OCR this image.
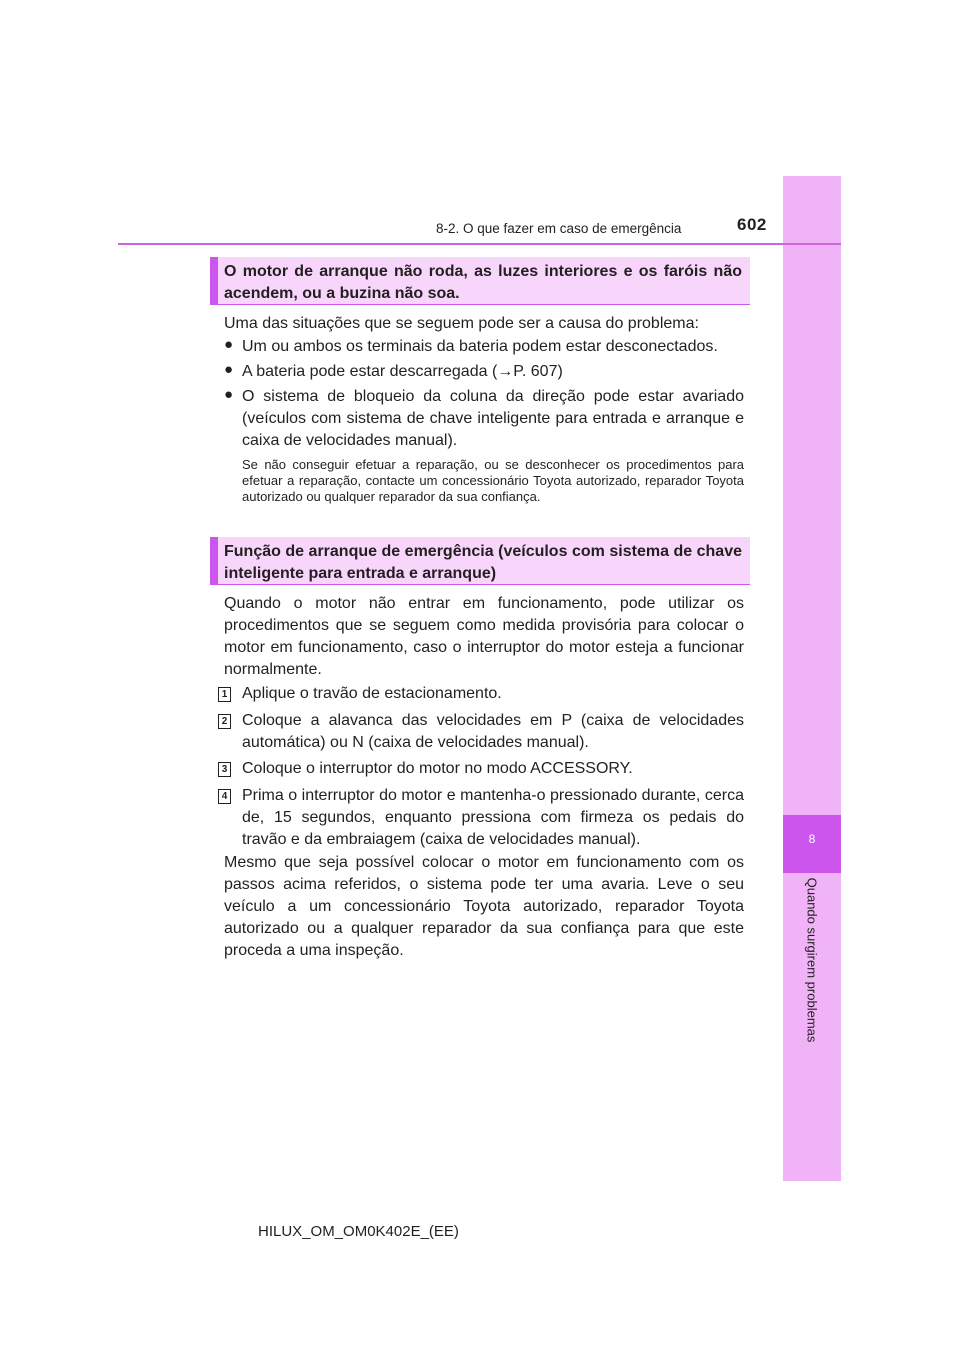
8
Quando surgirem problemas
8-2. O que fazer em caso de emergência	602
O motor de arranque não roda, as luzes interiores e os faróis não acendem, ou a buzina não soa.
Uma das situações que se seguem pode ser a causa do problema:
● Um ou ambos os terminais da bateria podem estar desconectados.
● A bateria pode estar descarregada (→P. 607)
● O sistema de bloqueio da coluna da direção pode estar avariado (veículos com sistema de chave inteligente para entrada e arranque e caixa de velocidades manual).
Se não conseguir efetuar a reparação, ou se desconhecer os procedimentos para efetuar a reparação, contacte um concessionário Toyota autorizado, reparador Toyota autorizado ou qualquer reparador da sua confiança.
Função de arranque de emergência (veículos com sistema de chave inteligente para entrada e arranque)
Quando o motor não entrar em funcionamento, pode utilizar os procedimentos que se seguem como medida provisória para colocar o motor em funcionamento, caso o interruptor do motor esteja a funcionar normalmente.
1 Aplique o travão de estacionamento.
2 Coloque a alavanca das velocidades em P (caixa de velocidades automática) ou N (caixa de velocidades manual).
3 Coloque o interruptor do motor no modo ACCESSORY.
4 Prima o interruptor do motor e mantenha-o pressionado durante, cerca de, 15 segundos, enquanto pressiona com firmeza os pedais do travão e da embraiagem (caixa de velocidades manual).
Mesmo que seja possível colocar o motor em funcionamento com os passos acima referidos, o sistema pode ter uma avaria. Leve o seu veículo a um concessionário Toyota autorizado, reparador Toyota autorizado ou a qualquer reparador da sua confiança para que este proceda a uma inspeção.
HILUX_OM_OM0K402E_(EE)
